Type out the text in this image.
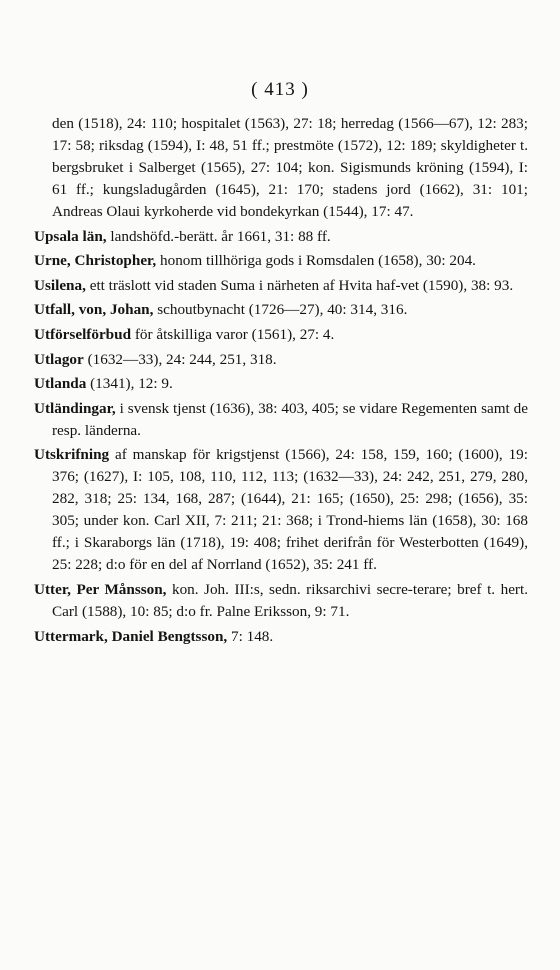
( 413 )

den (1518), 24: 110; hospitalet (1563), 27: 18; herredag (1566—67), 12: 283; 17: 58; riksdag (1594), I: 48, 51 ff.; prestmöte (1572), 12: 189; skyldigheter t. bergsbruket i Salberget (1565), 27: 104; kon. Sigismunds kröning (1594), I: 61 ff.; kungsladugården (1645), 21: 170; stadens jord (1662), 31: 101; Andreas Olaui kyrkoherde vid bondekyrkan (1544), 17: 47.

Upsala län, landshöfd.-berätt. år 1661, 31: 88 ff.

Urne, Christopher, honom tillhöriga gods i Romsdalen (1658), 30: 204.

Usilena, ett träslott vid staden Suma i närheten af Hvita haf-vet (1590), 38: 93.

Utfall, von, Johan, schoutbynacht (1726—27), 40: 314, 316.

Utförselförbud för åtskilliga varor (1561), 27: 4.

Utlagor (1632—33), 24: 244, 251, 318.

Utlanda (1341), 12: 9.

Utländingar, i svensk tjenst (1636), 38: 403, 405; se vidare Regementen samt de resp. länderna.

Utskrifning af manskap för krigstjenst (1566), 24: 158, 159, 160; (1600), 19: 376; (1627), I: 105, 108, 110, 112, 113; (1632—33), 24: 242, 251, 279, 280, 282, 318; 25: 134, 168, 287; (1644), 21: 165; (1650), 25: 298; (1656), 35: 305; under kon. Carl XII, 7: 211; 21: 368; i Trond-hiems län (1658), 30: 168 ff.; i Skaraborgs län (1718), 19: 408; frihet derifrån för Westerbotten (1649), 25: 228; d:o för en del af Norrland (1652), 35: 241 ff.

Utter, Per Månsson, kon. Joh. III:s, sedn. riksarchivi secre-terare; bref t. hert. Carl (1588), 10: 85; d:o fr. Palne Eriksson, 9: 71.

Uttermark, Daniel Bengtsson, 7: 148.
